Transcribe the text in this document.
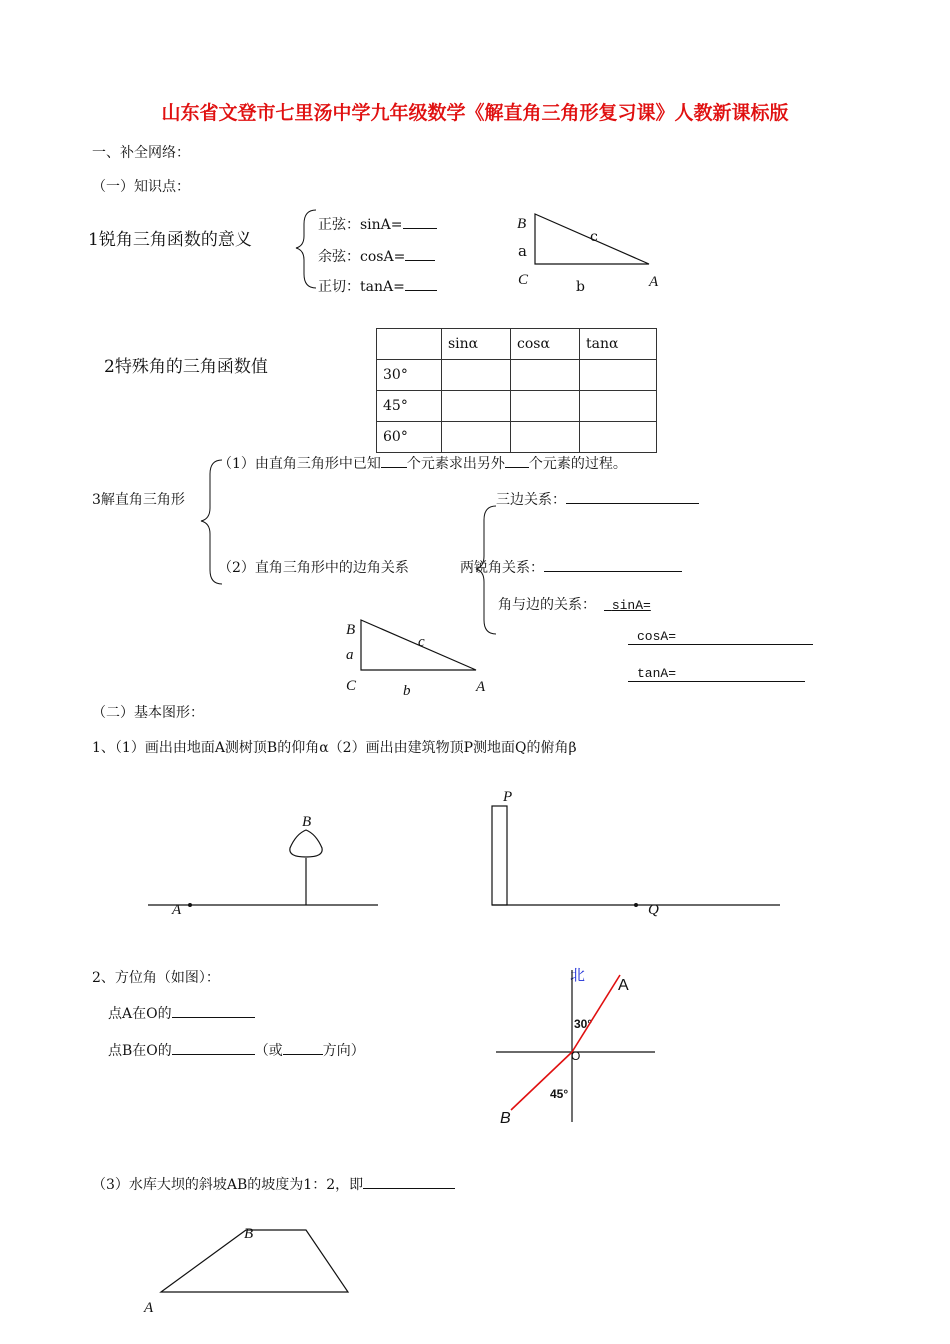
山东省文登市七里汤中学九年级数学《解直角三角形复习课》人教新课标版
一、补全网络：
（一）知识点：
1锐角三角函数的意义
正弦：sinA=
余弦：cosA=
正切：tanA=
B
a
c
C	b	A
2特殊角的三角函数值
	sinα	cosα	tanα
30°			
45°			
60°			
（1）由直角三角形中已知 个元素求出另外 个元素的过程。
3解直角三角形	三边关系：
（2）直角三角形中的边角关系	两锐角关系：
角与边的关系： sinA=
cosA=
tanA=
B
a
c
C	b	A
（二）基本图形：
1、（1）画出由地面A测树顶B的仰角α（2）画出由建筑物顶P测地面Q的俯角β
B
A
P
Q
2、方位角（如图）：
点A在O的
点B在O的	（或	方向）
北
A
30°
O
45°
B
（3）水库大坝的斜坡AB的坡度为1：2，即
B
A
